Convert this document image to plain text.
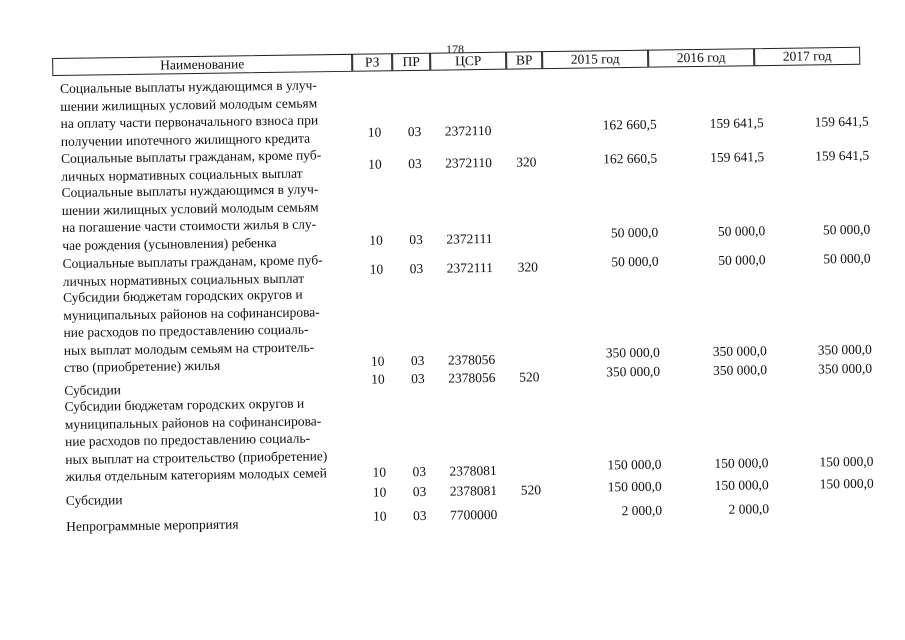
178
Наименование	РЗ	ПР	ЦСР	ВР	2015 год	2016 год	2017 год
Социальные выплаты нуждающимся в улуч-
шении жилищных условий молодым семьям
на оплату части первоначального взноса при
получении ипотечного жилищного кредита	10 03 2372110	162 660,5	159 641,5	159 641,5
Социальные выплаты гражданам, кроме пуб-
личных нормативных социальных выплат
10 03 2372110 320	162 660,5	159 641,5	159 641,5
Социальные выплаты нуждающимся в улуч-
шении жилищных условий молодым семьям
на погашение части стоимости жилья в слу-
чае рождения (усыновления) ребенка	10 03 2372111	50 000,0	50 000,0	50 000,0
Социальные выплаты гражданам, кроме пуб-
личных нормативных социальных выплат
10 03 2372111 320	50 000,0	50 000,0	50 000,0
Субсидии бюджетам городских округов и
муниципальных районов на софинансирова-
ние расходов по предоставлению социаль-
ных выплат молодым семьям на строитель-
ство (приобретение) жилья	10 03 2378056	350 000,0	350 000,0	350 000,0
Субсидии
10 03 2378056 520	350 000,0	350 000,0	350 000,0
Субсидии бюджетам городских округов и
муниципальных районов на софинансирова-
ние расходов по предоставлению социаль-
ных выплат на строительство (приобретение)
жилья отдельным категориям молодых семей	10 03 2378081	150 000,0	150 000,0	150 000,0
Субсидии
10 03 2378081 520	150 000,0	150 000,0	150 000,0
Непрограммные мероприятия
10 03 7700000	2 000,0	2 000,0
